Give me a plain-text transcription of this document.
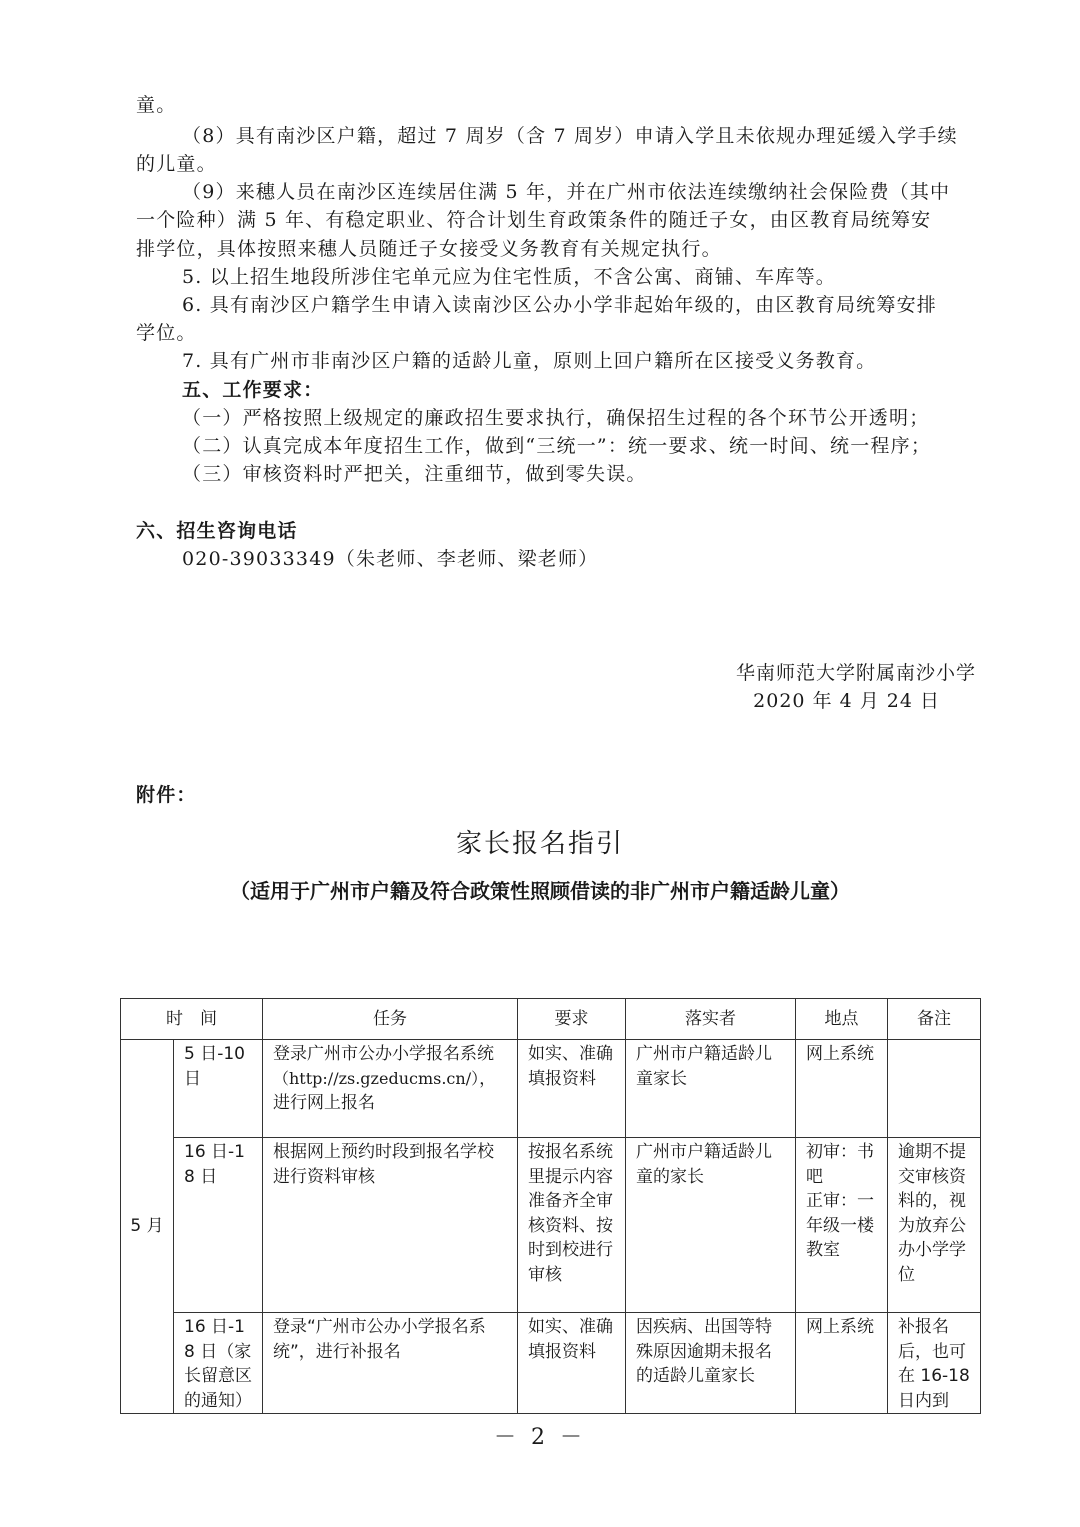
童。
（8）具有南沙区户籍，超过 7 周岁（含 7 周岁）申请入学且未依规办理延缓入学手续
的儿童。
（9）来穗人员在南沙区连续居住满 5 年，并在广州市依法连续缴纳社会保险费（其中
一个险种）满 5 年、有稳定职业、符合计划生育政策条件的随迁子女，由区教育局统筹安
排学位，具体按照来穗人员随迁子女接受义务教育有关规定执行。
5. 以上招生地段所涉住宅单元应为住宅性质，不含公寓、商铺、车库等。
6. 具有南沙区户籍学生申请入读南沙区公办小学非起始年级的，由区教育局统筹安排
学位。
7. 具有广州市非南沙区户籍的适龄儿童，原则上回户籍所在区接受义务教育。
五、工作要求：
（一）严格按照上级规定的廉政招生要求执行，确保招生过程的各个环节公开透明；
（二）认真完成本年度招生工作，做到“三统一”：统一要求、统一时间、统一程序；
（三）审核资料时严把关，注重细节，做到零失误。
六、招生咨询电话
020-39033349（朱老师、李老师、梁老师）
华南师范大学附属南沙小学
2020 年 4 月 24 日
附件：
家长报名指引
（适用于广州市户籍及符合政策性照顾借读的非广州市户籍适龄儿童）
时　间		任务	要求	落实者	地点	备注
5 月	5 日-10 日	登录广州市公办小学报名系统
（http://zs.gzeducms.cn/），进行网上报名	如实、准确填报资料	广州市户籍适龄儿童家长	网上系统	
	16 日-18 日	根据网上预约时段到报名学校进行资料审核	按报名系统里提示内容准备齐全审核资料、按时到校进行审核	广州市户籍适龄儿童的家长	初审：书吧
正审：一年级一楼教室	逾期不提交审核资料的，视为放弃公办小学学位
	16 日-18 日（家长留意区的通知）	登录“广州市公办小学报名系统”，进行补报名	如实、准确填报资料	因疾病、出国等特殊原因逾期未报名的适龄儿童家长	网上系统	补报名后，也可在 16-18 日内到
－ 2 －
